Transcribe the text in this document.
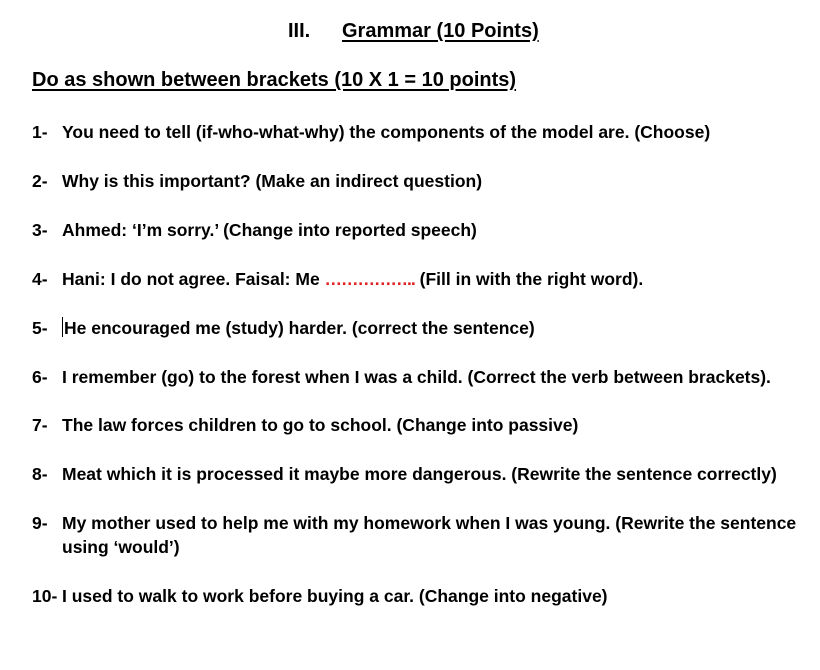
III. Grammar (10 Points)
Do as shown between brackets (10 X 1 = 10 points)
1- You need to tell (if-who-what-why) the components of the model are. (Choose)
2- Why is this important? (Make an indirect question)
3- Ahmed: ‘I’m sorry.’ (Change into reported speech)
4- Hani: I do not agree. Faisal: Me …………….. (Fill in with the right word).
5- He encouraged me (study) harder. (correct the sentence)
6- I remember (go) to the forest when I was a child. (Correct the verb between brackets).
7- The law forces children to go to school. (Change into passive)
8- Meat which it is processed it maybe more dangerous. (Rewrite the sentence correctly)
9- My mother used to help me with my homework when I was young. (Rewrite the sentence using ‘would’)
10- I used to walk to work before buying a car. (Change into negative)
